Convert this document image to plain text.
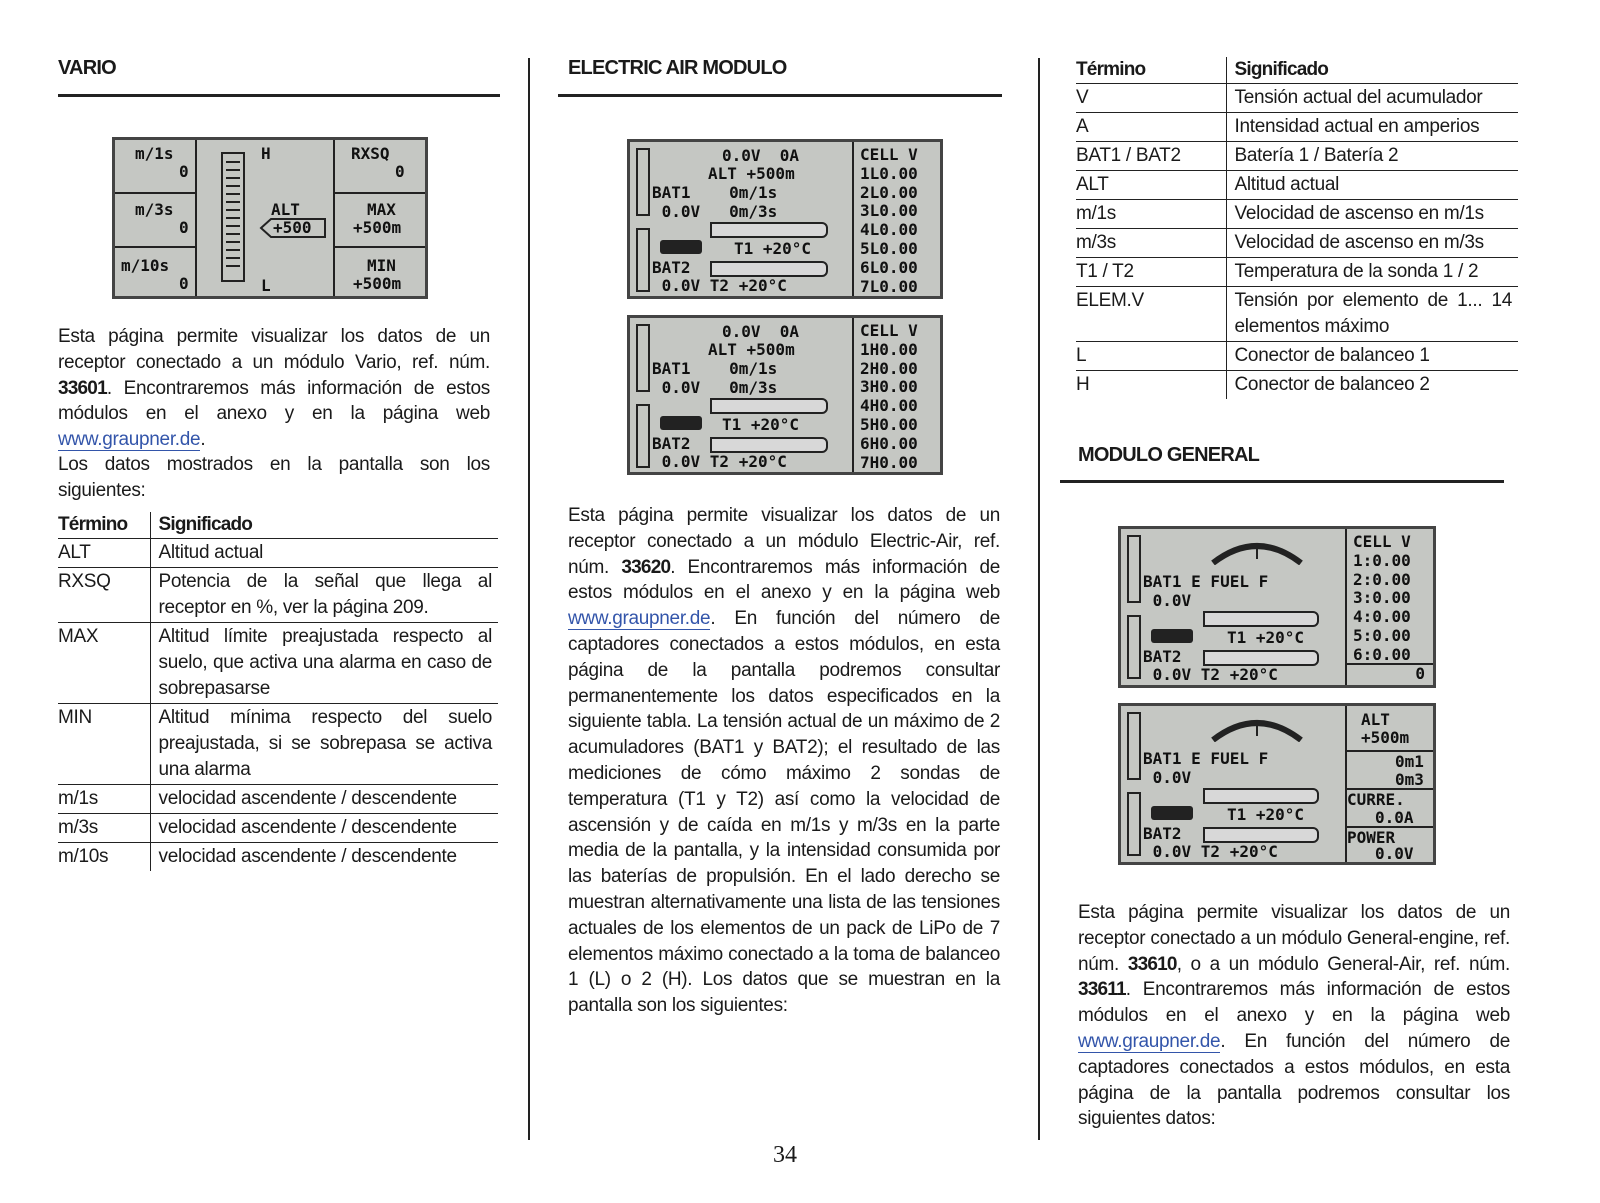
VARIO
m/1s
0
m/3s
0
m/10s
0
H
L
ALT
+500
RXSQ
0
MAX
+500m
MIN
+500m

Esta página permite visualizar los datos de un receptor conectado a un módulo Vario, ref. núm. 33601. Encontraremos más información de estos módulos en el anexo y en la página web www.graupner.de.

Los datos mostrados en la pantalla son los siguientes:

Término	Significado
ALT	Altitud actual
RXSQ	Potencia de la señal que llega al receptor en %, ver la página 209.
MAX	Altitud límite preajustada respecto al suelo, que activa una alarma en caso de sobrepasarse
MIN	Altitud mínima respecto del suelo preajustada, si se sobrepasa se activa una alarma
m/1s	velocidad ascendente / descendente
m/3s	velocidad ascendente / descendente
m/10s	velocidad ascendente / descendente
ELECTRIC AIR MODULO
0.0V  0A
ALT +500m
BAT1    0m/1s
0.0V   0m/3s
T1 +20°C
BAT2
0.0V T2 +20°C
CELL V
1L0.00
2L0.00
3L0.00
4L0.00
5L0.00
6L0.00
7L0.00
0.0V  0A
ALT +500m
BAT1    0m/1s
0.0V   0m/3s
T1 +20°C
BAT2
0.0V T2 +20°C
CELL V
1H0.00
2H0.00
3H0.00
4H0.00
5H0.00
6H0.00
7H0.00

Esta página permite visualizar los datos de un receptor conectado a un módulo Electric-Air, ref. núm. 33620. Encontraremos más información de estos módulos en el anexo y en la página web www.graupner.de. En función del número de captadores conectados a estos módulos, en esta página de la pantalla podremos consultar permanentemente los datos especificados en la siguiente tabla. La tensión actual de un máximo de 2 acumuladores (BAT1 y BAT2); el resultado de las mediciones de cómo máximo 2 sondas de temperatura (T1 y T2) así como la velocidad de ascensión y de caída en m/1s y m/3s en la parte media de la pantalla, y la intensidad consumida por las baterías de propulsión. En el lado derecho se muestran alternativamente una lista de las tensiones actuales de los elementos de un pack de LiPo de 7 elementos máximo conectado a la toma de balanceo 1 (L) o 2 (H). Los datos que se muestran en la pantalla son los siguientes:

Término	Significado
V	Tensión actual del acumulador
A	Intensidad actual en amperios
BAT1 / BAT2	Batería 1 / Batería 2
ALT	Altitud actual
m/1s	Velocidad de ascenso en m/1s
m/3s	Velocidad de ascenso en m/3s
T1 / T2	Temperatura de la sonda 1 / 2
ELEM.V	Tensión por elemento de 1... 14 elementos máximo
L	Conector de balanceo 1
H	Conector de balanceo 2
MODULO GENERAL
BAT1 E FUEL F
0.0V
T1 +20°C
BAT2
0.0V T2 +20°C
CELL V
1:0.00
2:0.00
3:0.00
4:0.00
5:0.00
6:0.00
0
BAT1 E FUEL F
0.0V
T1 +20°C
BAT2
0.0V T2 +20°C
ALT
+500m
0m1
0m3
CURRE.
0.0A
POWER
0.0V

Esta página permite visualizar los datos de un receptor conectado a un módulo General-engine, ref. núm. 33610, o a un módulo General-Air, ref. núm. 33611. Encontraremos más información de estos módulos en el anexo y en la página web www.graupner.de. En función del número de captadores conectados a estos módulos, en esta página de la pantalla podremos consultar los siguientes datos:

34
